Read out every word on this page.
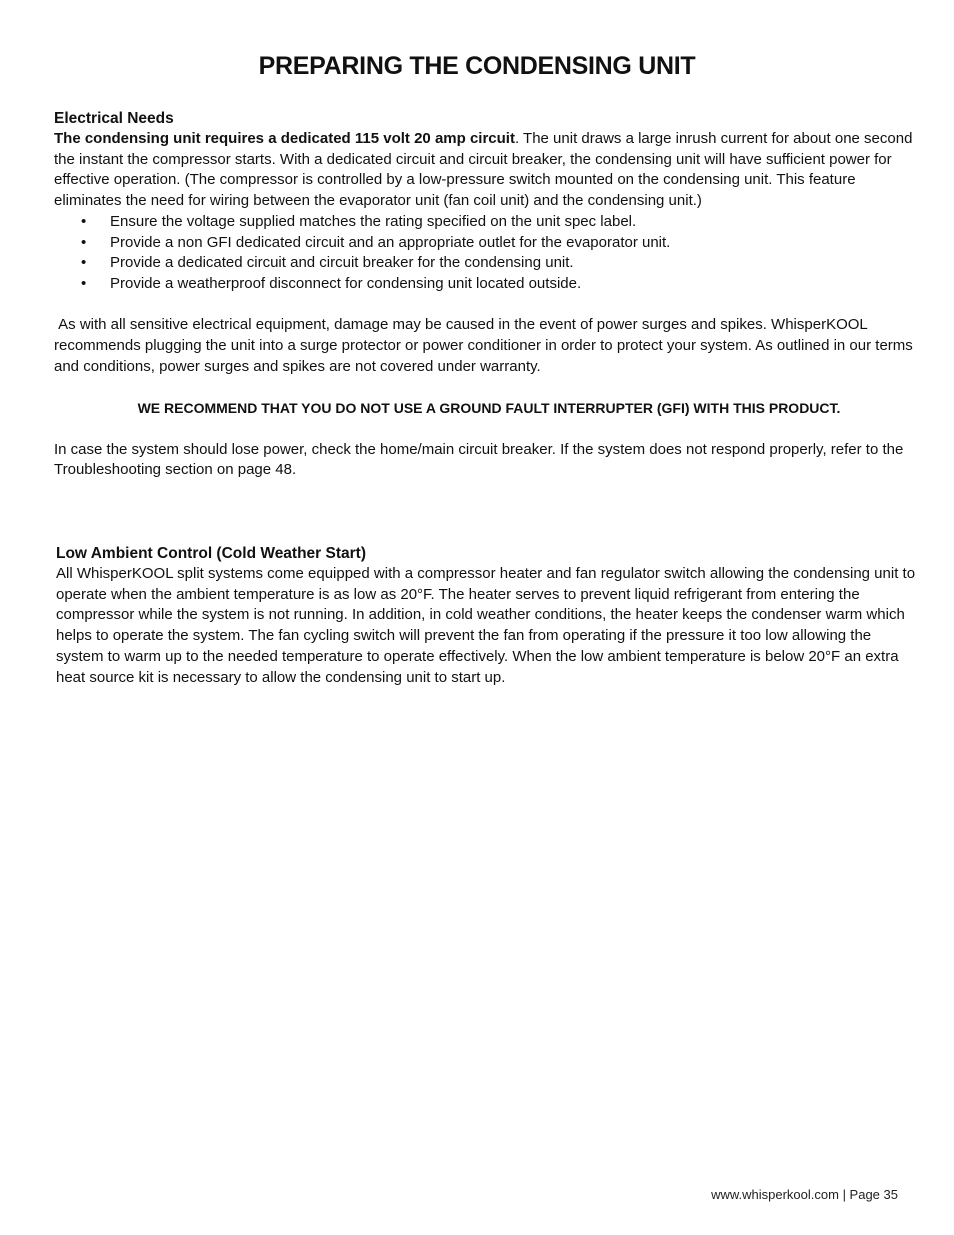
PREPARING THE CONDENSING UNIT
Electrical Needs

The condensing unit requires a dedicated 115 volt 20 amp circuit. The unit draws a large inrush current for about one second the instant the compressor starts. With a dedicated circuit and circuit breaker, the condensing unit will have sufficient power for effective operation. (The compressor is controlled by a low-pressure switch mounted on the condensing unit. This feature eliminates the need for wiring between the evaporator unit (fan coil unit) and the condensing unit.)

• Ensure the voltage supplied matches the rating specified on the unit spec label.
• Provide a non GFI dedicated circuit and an appropriate outlet for the evaporator unit.
• Provide a dedicated circuit and circuit breaker for the condensing unit.
• Provide a weatherproof disconnect for condensing unit located outside.

As with all sensitive electrical equipment, damage may be caused in the event of power surges and spikes. WhisperKOOL recommends plugging the unit into a surge protector or power conditioner in order to protect your system. As outlined in our terms and conditions, power surges and spikes are not covered under warranty.

WE RECOMMEND THAT YOU DO NOT USE A GROUND FAULT INTERRUPTER (GFI) WITH THIS PRODUCT.

In case the system should lose power, check the home/main circuit breaker. If the system does not respond properly, refer to the Troubleshooting section on page 48.

Low Ambient Control (Cold Weather Start)

All WhisperKOOL split systems come equipped with a compressor heater and fan regulator switch allowing the condensing unit to operate when the ambient temperature is as low as 20°F. The heater serves to prevent liquid refrigerant from entering the compressor while the system is not running. In addition, in cold weather conditions, the heater keeps the condenser warm which helps to operate the system. The fan cycling switch will prevent the fan from operating if the pressure it too low allowing the system to warm up to the needed temperature to operate effectively. When the low ambient temperature is below 20°F an extra heat source kit is necessary to allow the condensing unit to start up.

www.whisperkool.com | Page 35
